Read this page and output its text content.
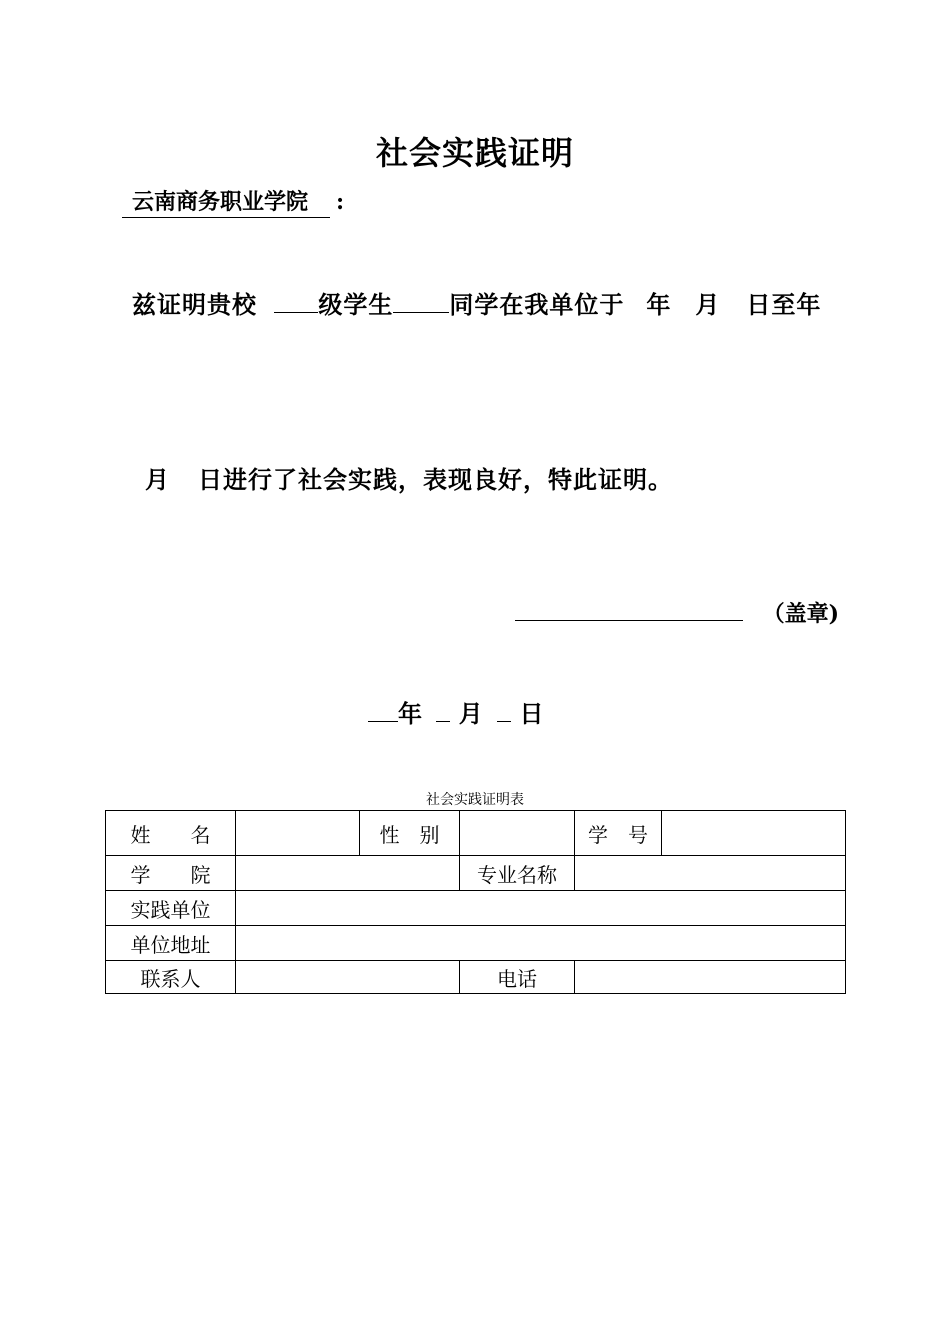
社会实践证明
云南商务职业学院 :
兹证明贵校	级学生 同学在我单位于 年 月 日至年
月 日进行了社会实践，表现良好，特此证明。
（盖章)
年 月 日
社会实践证明表
姓　　名		性　别		学　号	
学　　院			专业名称		
实践单位					
单位地址					
联系人			电话		
